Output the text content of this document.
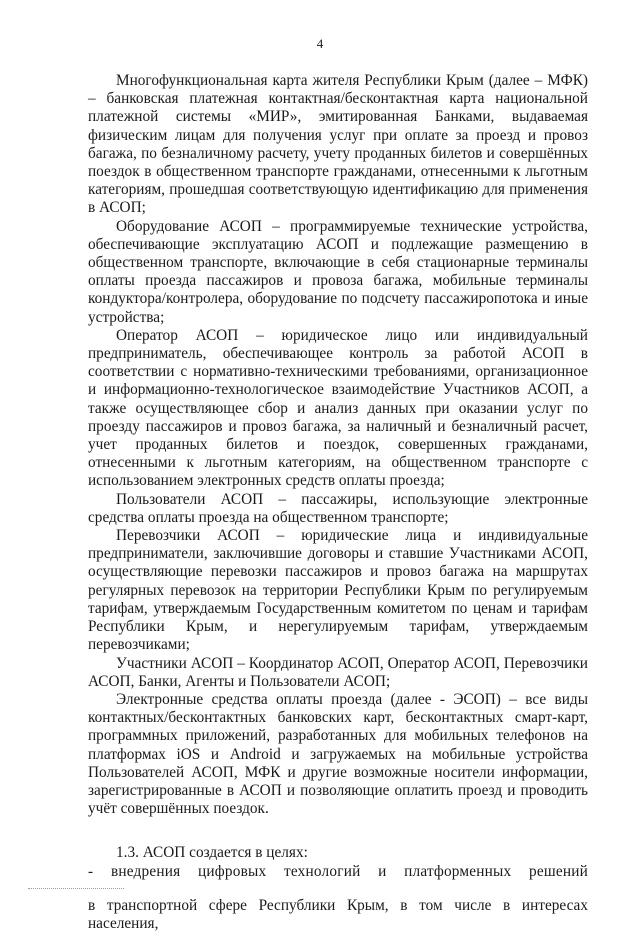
4

Многофункциональная карта жителя Республики Крым (далее – МФК) – банковская платежная контактная/бесконтактная карта национальной платежной системы «МИР», эмитированная Банками, выдаваемая физическим лицам для получения услуг при оплате за проезд и провоз багажа, по безналичному расчету, учету проданных билетов и совершённых поездок в общественном транспорте гражданами, отнесенными к льготным категориям, прошедшая соответствующую идентификацию для применения в АСОП;

Оборудование АСОП – программируемые технические устройства, обеспечивающие эксплуатацию АСОП и подлежащие размещению в общественном транспорте, включающие в себя стационарные терминалы оплаты проезда пассажиров и провоза багажа, мобильные терминалы кондуктора/контролера, оборудование по подсчету пассажиропотока и иные устройства;

Оператор АСОП – юридическое лицо или индивидуальный предприниматель, обеспечивающее контроль за работой АСОП в соответствии с нормативно-техническими требованиями, организационное и информационно-технологическое взаимодействие Участников АСОП, а также осуществляющее сбор и анализ данных при оказании услуг по проезду пассажиров и провоз багажа, за наличный и безналичный расчет, учет проданных билетов и поездок, совершенных гражданами, отнесенными к льготным категориям, на общественном транспорте с использованием электронных средств оплаты проезда;

Пользователи АСОП – пассажиры, использующие электронные средства оплаты проезда на общественном транспорте;

Перевозчики АСОП – юридические лица и индивидуальные предприниматели, заключившие договоры и ставшие Участниками АСОП, осуществляющие перевозки пассажиров и провоз багажа на маршрутах регулярных перевозок на территории Республики Крым по регулируемым тарифам, утверждаемым Государственным комитетом по ценам и тарифам Республики Крым, и нерегулируемым тарифам, утверждаемым перевозчиками;

Участники АСОП – Координатор АСОП, Оператор АСОП, Перевозчики АСОП, Банки, Агенты и Пользователи АСОП;

Электронные средства оплаты проезда (далее - ЭСОП) – все виды контактных/бесконтактных банковских карт, бесконтактных смарт-карт, программных приложений, разработанных для мобильных телефонов на платформах iOS и Android и загружаемых на мобильные устройства Пользователей АСОП, МФК и другие возможные носители информации, зарегистрированные в АСОП и позволяющие оплатить проезд и проводить учёт совершённых поездок.

1.3. АСОП создается в целях:

- внедрения цифровых технологий и платформенных решений

в транспортной сфере Республики Крым, в том числе в интересах населения,
